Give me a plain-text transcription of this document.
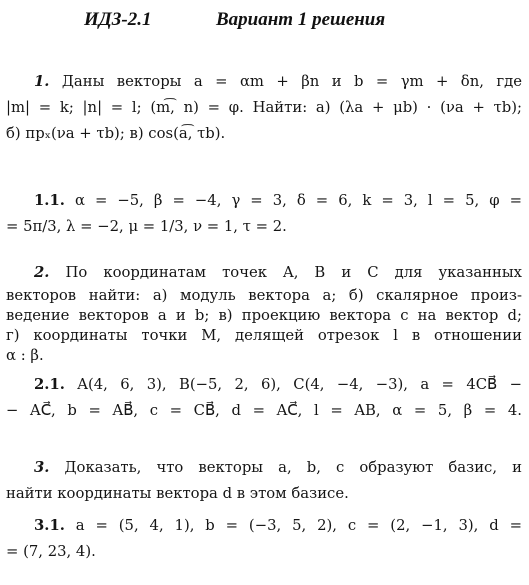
ИДЗ-2.1	Вариант 1 решения
1. Даны векторы a = αm + βn и b = γm + δn, где
|m| = k; |n| = l; (m͡, n) = φ. Найти: а) (λa + μb) · (νa + τb);
б) прₓ(νa + τb); в) cos(a͡, τb).
1.1. α = −5, β = −4, γ = 3, δ = 6, k = 3, l = 5, φ =
= 5π/3, λ = −2, μ = 1/3, ν = 1, τ = 2.
2. По координатам точек A, B и C для указанных
векторов найти: а) модуль вектора a; б) скалярное произ-
ведение векторов a и b; в) проекцию вектора c на вектор d;
г) координаты точки M, делящей отрезок l в отношении
α : β.
2.1. A(4, 6, 3), B(−5, 2, 6), C(4, −4, −3), a = 4CB⃗ −
− AC⃗, b = AB⃗, c = CB⃗, d = AC⃗, l = AB, α = 5, β = 4.
3. Доказать, что векторы a, b, c образуют базис, и
найти координаты вектора d в этом базисе.
3.1. a = (5, 4, 1), b = (−3, 5, 2), c = (2, −1, 3), d =
= (7, 23, 4).
